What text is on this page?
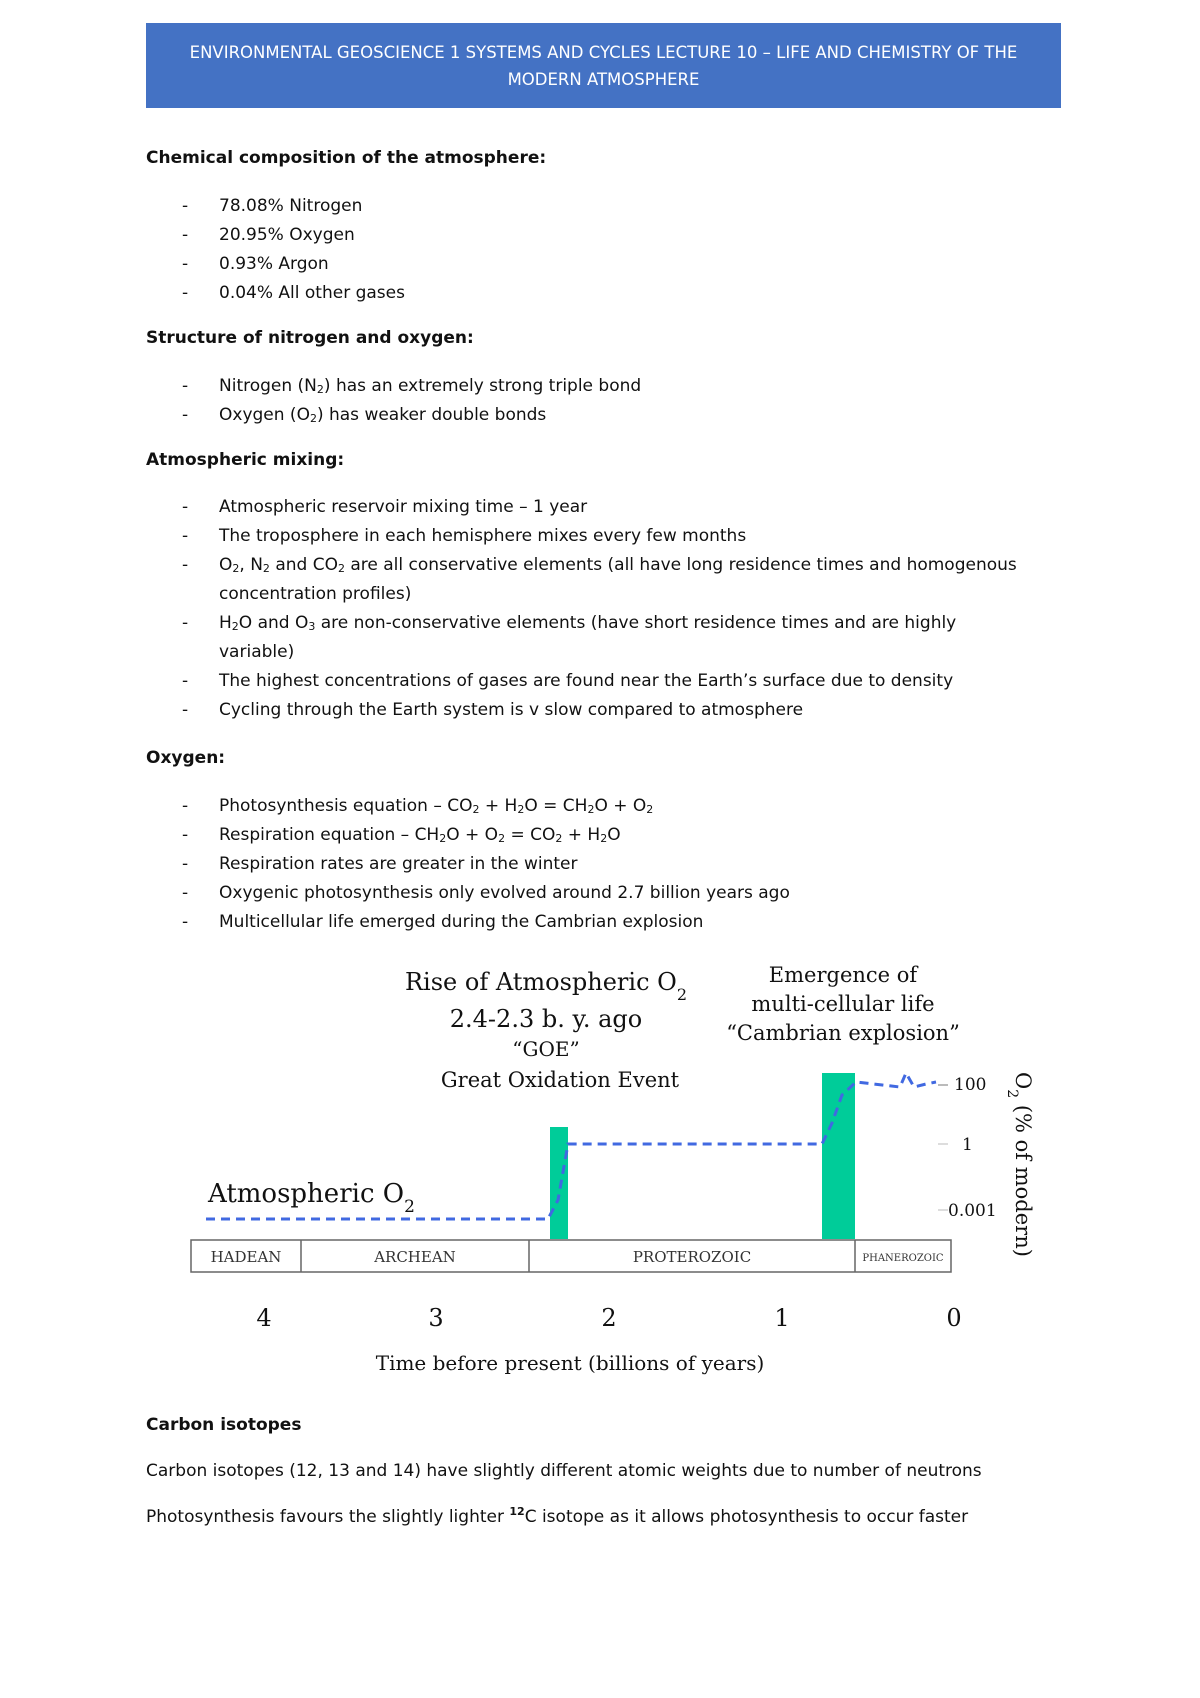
ENVIRONMENTAL GEOSCIENCE 1 SYSTEMS AND CYCLES LECTURE 10 – LIFE AND CHEMISTRY OF THE
MODERN ATMOSPHERE
Chemical composition of the atmosphere:
- 78.08% Nitrogen
- 20.95% Oxygen
- 0.93% Argon
- 0.04% All other gases
Structure of nitrogen and oxygen:
- Nitrogen $(N_2)$ has an extremely strong triple bond
- Oxygen $(O_2)$ has weaker double bonds
Atmospheric mixing:
- Atmospheric reservoir mixing time – 1 year
- The troposphere in each hemisphere mixes every few months
- $O_2$, $N_2$ and $CO_2$ are all conservative elements (all have long residence times and homogenous
concentration profiles)
- $H_2O$ and $O_3$ are non-conservative elements (have short residence times and are highly
variable)
- The highest concentrations of gases are found near the Earth’s surface due to density
- Cycling through the Earth system is v slow compared to atmosphere
Oxygen:
- Photosynthesis equation – $CO_2 + H_2O = CH_2O + O_2$
- Respiration equation – $CH_2O + O_2 = CO_2 + H_2O$
- Respiration rates are greater in the winter
- Oxygenic photosynthesis only evolved around 2.7 billion years ago
- Multicellular life emerged during the Cambrian explosion
Carbon isotopes
Carbon isotopes (12, 13 and 14) have slightly different atomic weights due to number of neutrons
Photosynthesis favours the slightly lighter $^{12}$C isotope as it allows photosynthesis to occur faster
Rise of Atmospheric $O_2$
2.4-2.3 b. y. ago
“GOE”
Great Oxidation Event
Emergence of
multi-cellular life
“Cambrian explosion”
Atmospheric $O_2$
100
1
0.001
$O_2$ (% of modern)
HADEAN	ARCHEAN	PROTEROZOIC	PHANEROZOIC
4	3	2	1	0
Time before present (billions of years)
